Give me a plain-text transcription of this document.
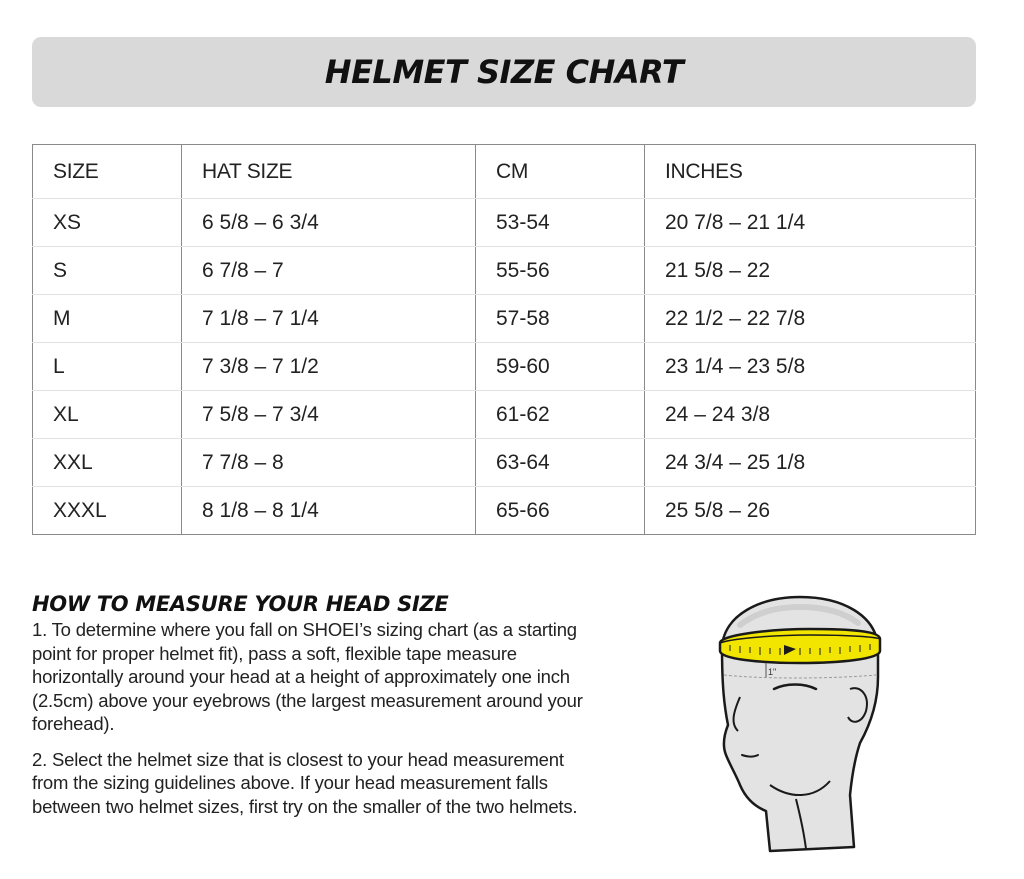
HELMET SIZE CHART
SIZE	HAT SIZE	CM	INCHES
XS	6 5/8 – 6 3/4	53-54	20 7/8 – 21 1/4
S	6 7/8 – 7	55-56	21 5/8 – 22
M	7 1/8 – 7 1/4	57-58	22 1/2 – 22 7/8
L	7 3/8 – 7 1/2	59-60	23 1/4 – 23 5/8
XL	7 5/8 – 7 3/4	61-62	24 – 24 3/8
XXL	7 7/8 – 8	63-64	24 3/4 – 25 1/8
XXXL	8 1/8 – 8 1/4	65-66	25 5/8 – 26
HOW TO MEASURE YOUR HEAD SIZE

1. To determine where you fall on SHOEI’s sizing chart (as a starting point for proper helmet fit), pass a soft, flexible tape measure horizontally around your head at a height of approximately one inch (2.5cm) above your eyebrows (the largest measurement around your forehead).

2. Select the helmet size that is closest to your head measurement from the sizing guidelines above. If your head measurement falls between two helmet sizes, first try on the smaller of the two helmets.

1"
